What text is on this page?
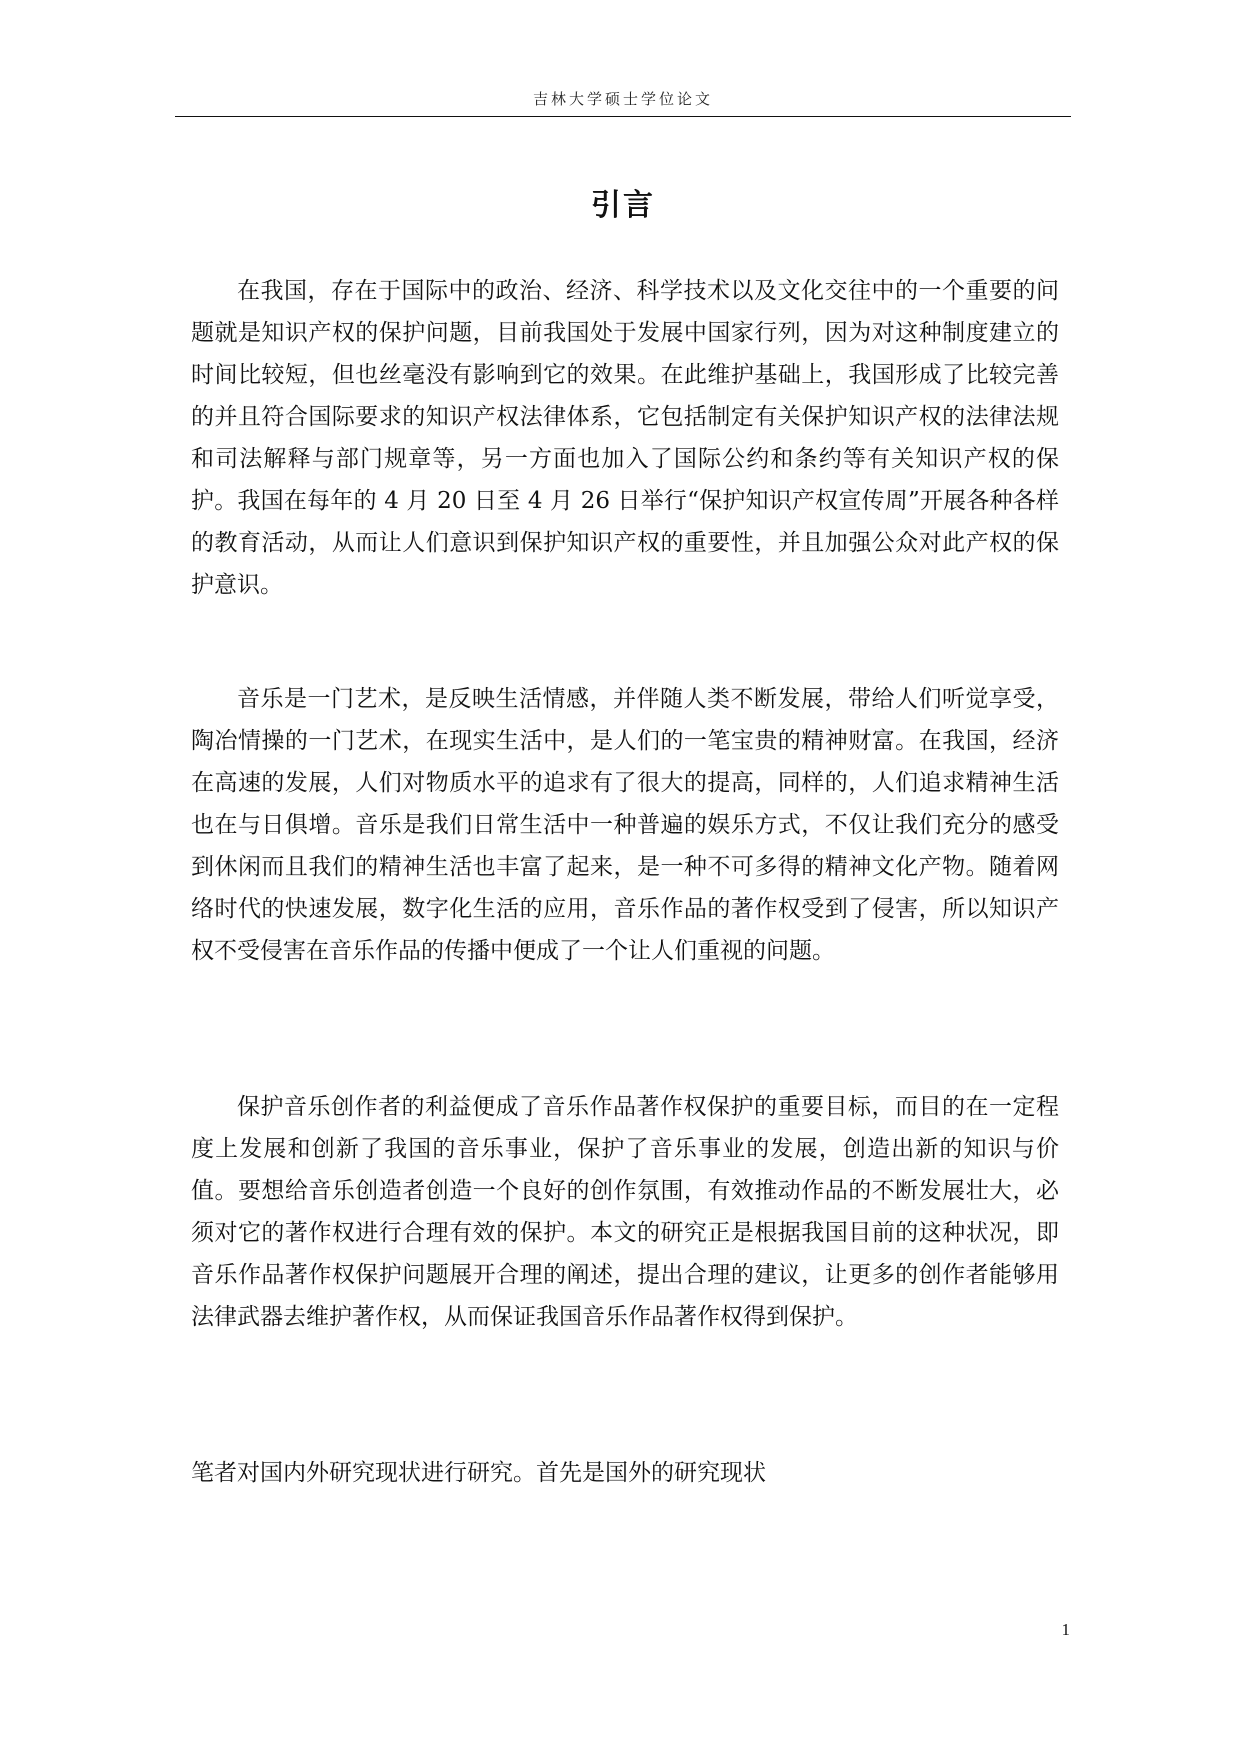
吉林大学硕士学位论文
引言

在我国，存在于国际中的政治、经济、科学技术以及文化交往中的一个重要的问题就是知识产权的保护问题，目前我国处于发展中国家行列，因为对这种制度建立的时间比较短，但也丝毫没有影响到它的效果。在此维护基础上，我国形成了比较完善的并且符合国际要求的知识产权法律体系，它包括制定有关保护知识产权的法律法规和司法解释与部门规章等，另一方面也加入了国际公约和条约等有关知识产权的保护。我国在每年的 4 月 20 日至 4 月 26 日举行“保护知识产权宣传周”开展各种各样的教育活动，从而让人们意识到保护知识产权的重要性，并且加强公众对此产权的保护意识。

音乐是一门艺术，是反映生活情感，并伴随人类不断发展，带给人们听觉享受，陶冶情操的一门艺术，在现实生活中，是人们的一笔宝贵的精神财富。在我国，经济在高速的发展，人们对物质水平的追求有了很大的提高，同样的，人们追求精神生活也在与日俱增。音乐是我们日常生活中一种普遍的娱乐方式，不仅让我们充分的感受到休闲而且我们的精神生活也丰富了起来，是一种不可多得的精神文化产物。随着网络时代的快速发展，数字化生活的应用，音乐作品的著作权受到了侵害，所以知识产权不受侵害在音乐作品的传播中便成了一个让人们重视的问题。

保护音乐创作者的利益便成了音乐作品著作权保护的重要目标，而目的在一定程度上发展和创新了我国的音乐事业，保护了音乐事业的发展，创造出新的知识与价值。要想给音乐创造者创造一个良好的创作氛围，有效推动作品的不断发展壮大，必须对它的著作权进行合理有效的保护。本文的研究正是根据我国目前的这种状况，即音乐作品著作权保护问题展开合理的阐述，提出合理的建议，让更多的创作者能够用法律武器去维护著作权，从而保证我国音乐作品著作权得到保护。

笔者对国内外研究现状进行研究。首先是国外的研究现状

1
